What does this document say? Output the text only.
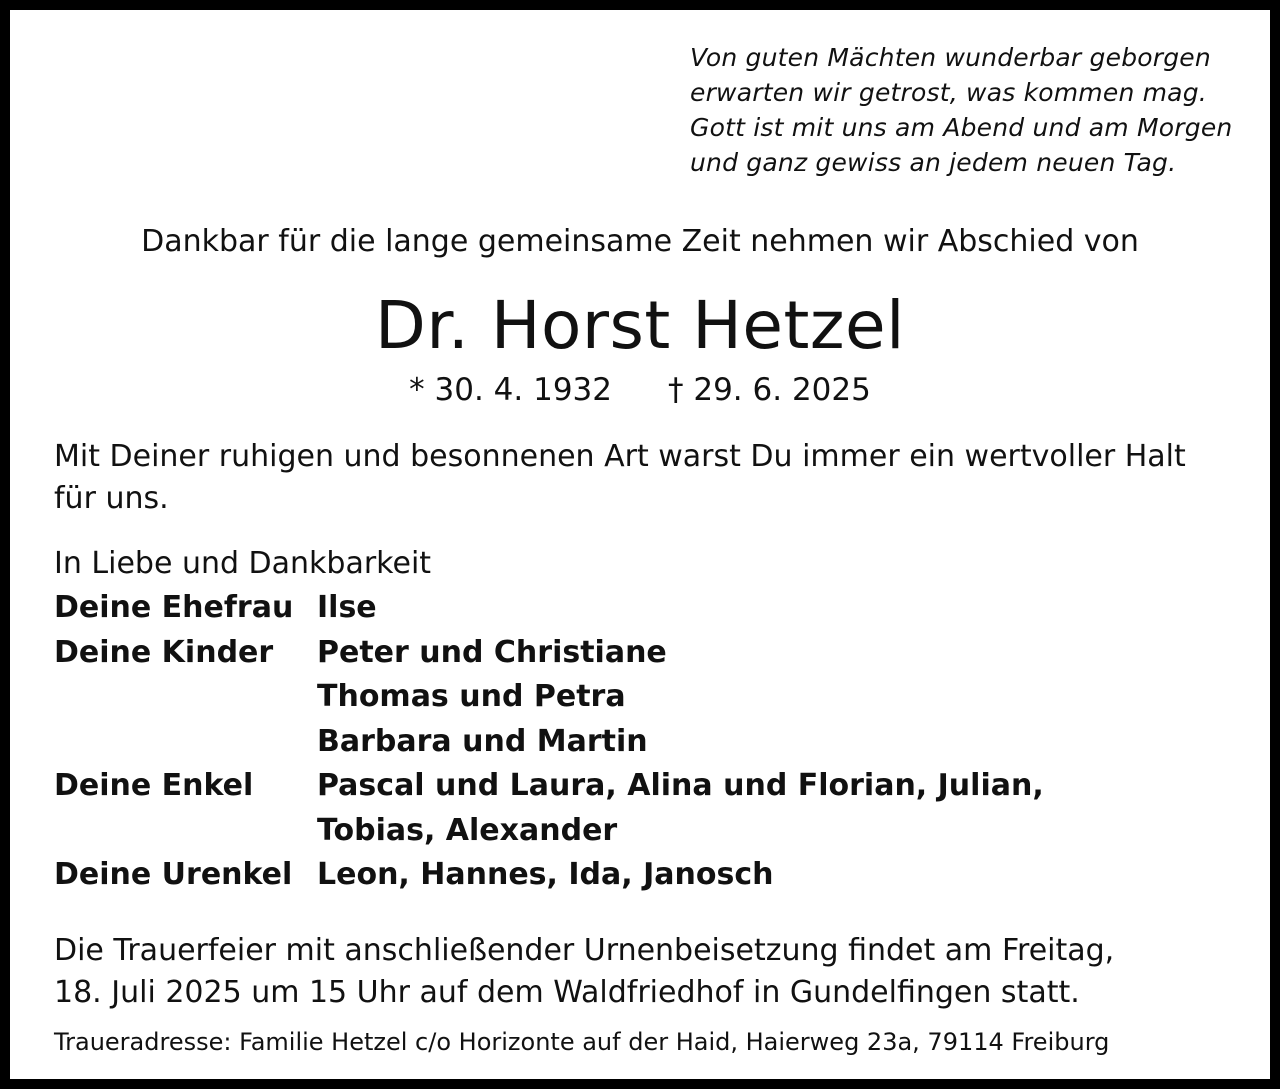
Von guten Mächten wunderbar geborgen
erwarten wir getrost, was kommen mag.
Gott ist mit uns am Abend und am Morgen
und ganz gewiss an jedem neuen Tag.
Dankbar für die lange gemeinsame Zeit nehmen wir Abschied von
Dr. Horst Hetzel
* 30. 4. 1932 † 29. 6. 2025
Mit Deiner ruhigen und besonnenen Art warst Du immer ein wertvoller Halt für uns.
In Liebe und Dankbarkeit
Deine Ehefrau Ilse
Deine Kinder	Peter und Christiane
Thomas und Petra
Barbara und Martin
Deine Enkel	Pascal und Laura, Alina und Florian, Julian,
Tobias, Alexander
Deine Urenkel Leon, Hannes, Ida, Janosch
Die Trauerfeier mit anschließender Urnenbeisetzung findet am Freitag,
18. Juli 2025 um 15 Uhr auf dem Waldfriedhof in Gundelfingen statt.
Traueradresse: Familie Hetzel c/o Horizonte auf der Haid, Haierweg 23a, 79114 Freiburg
